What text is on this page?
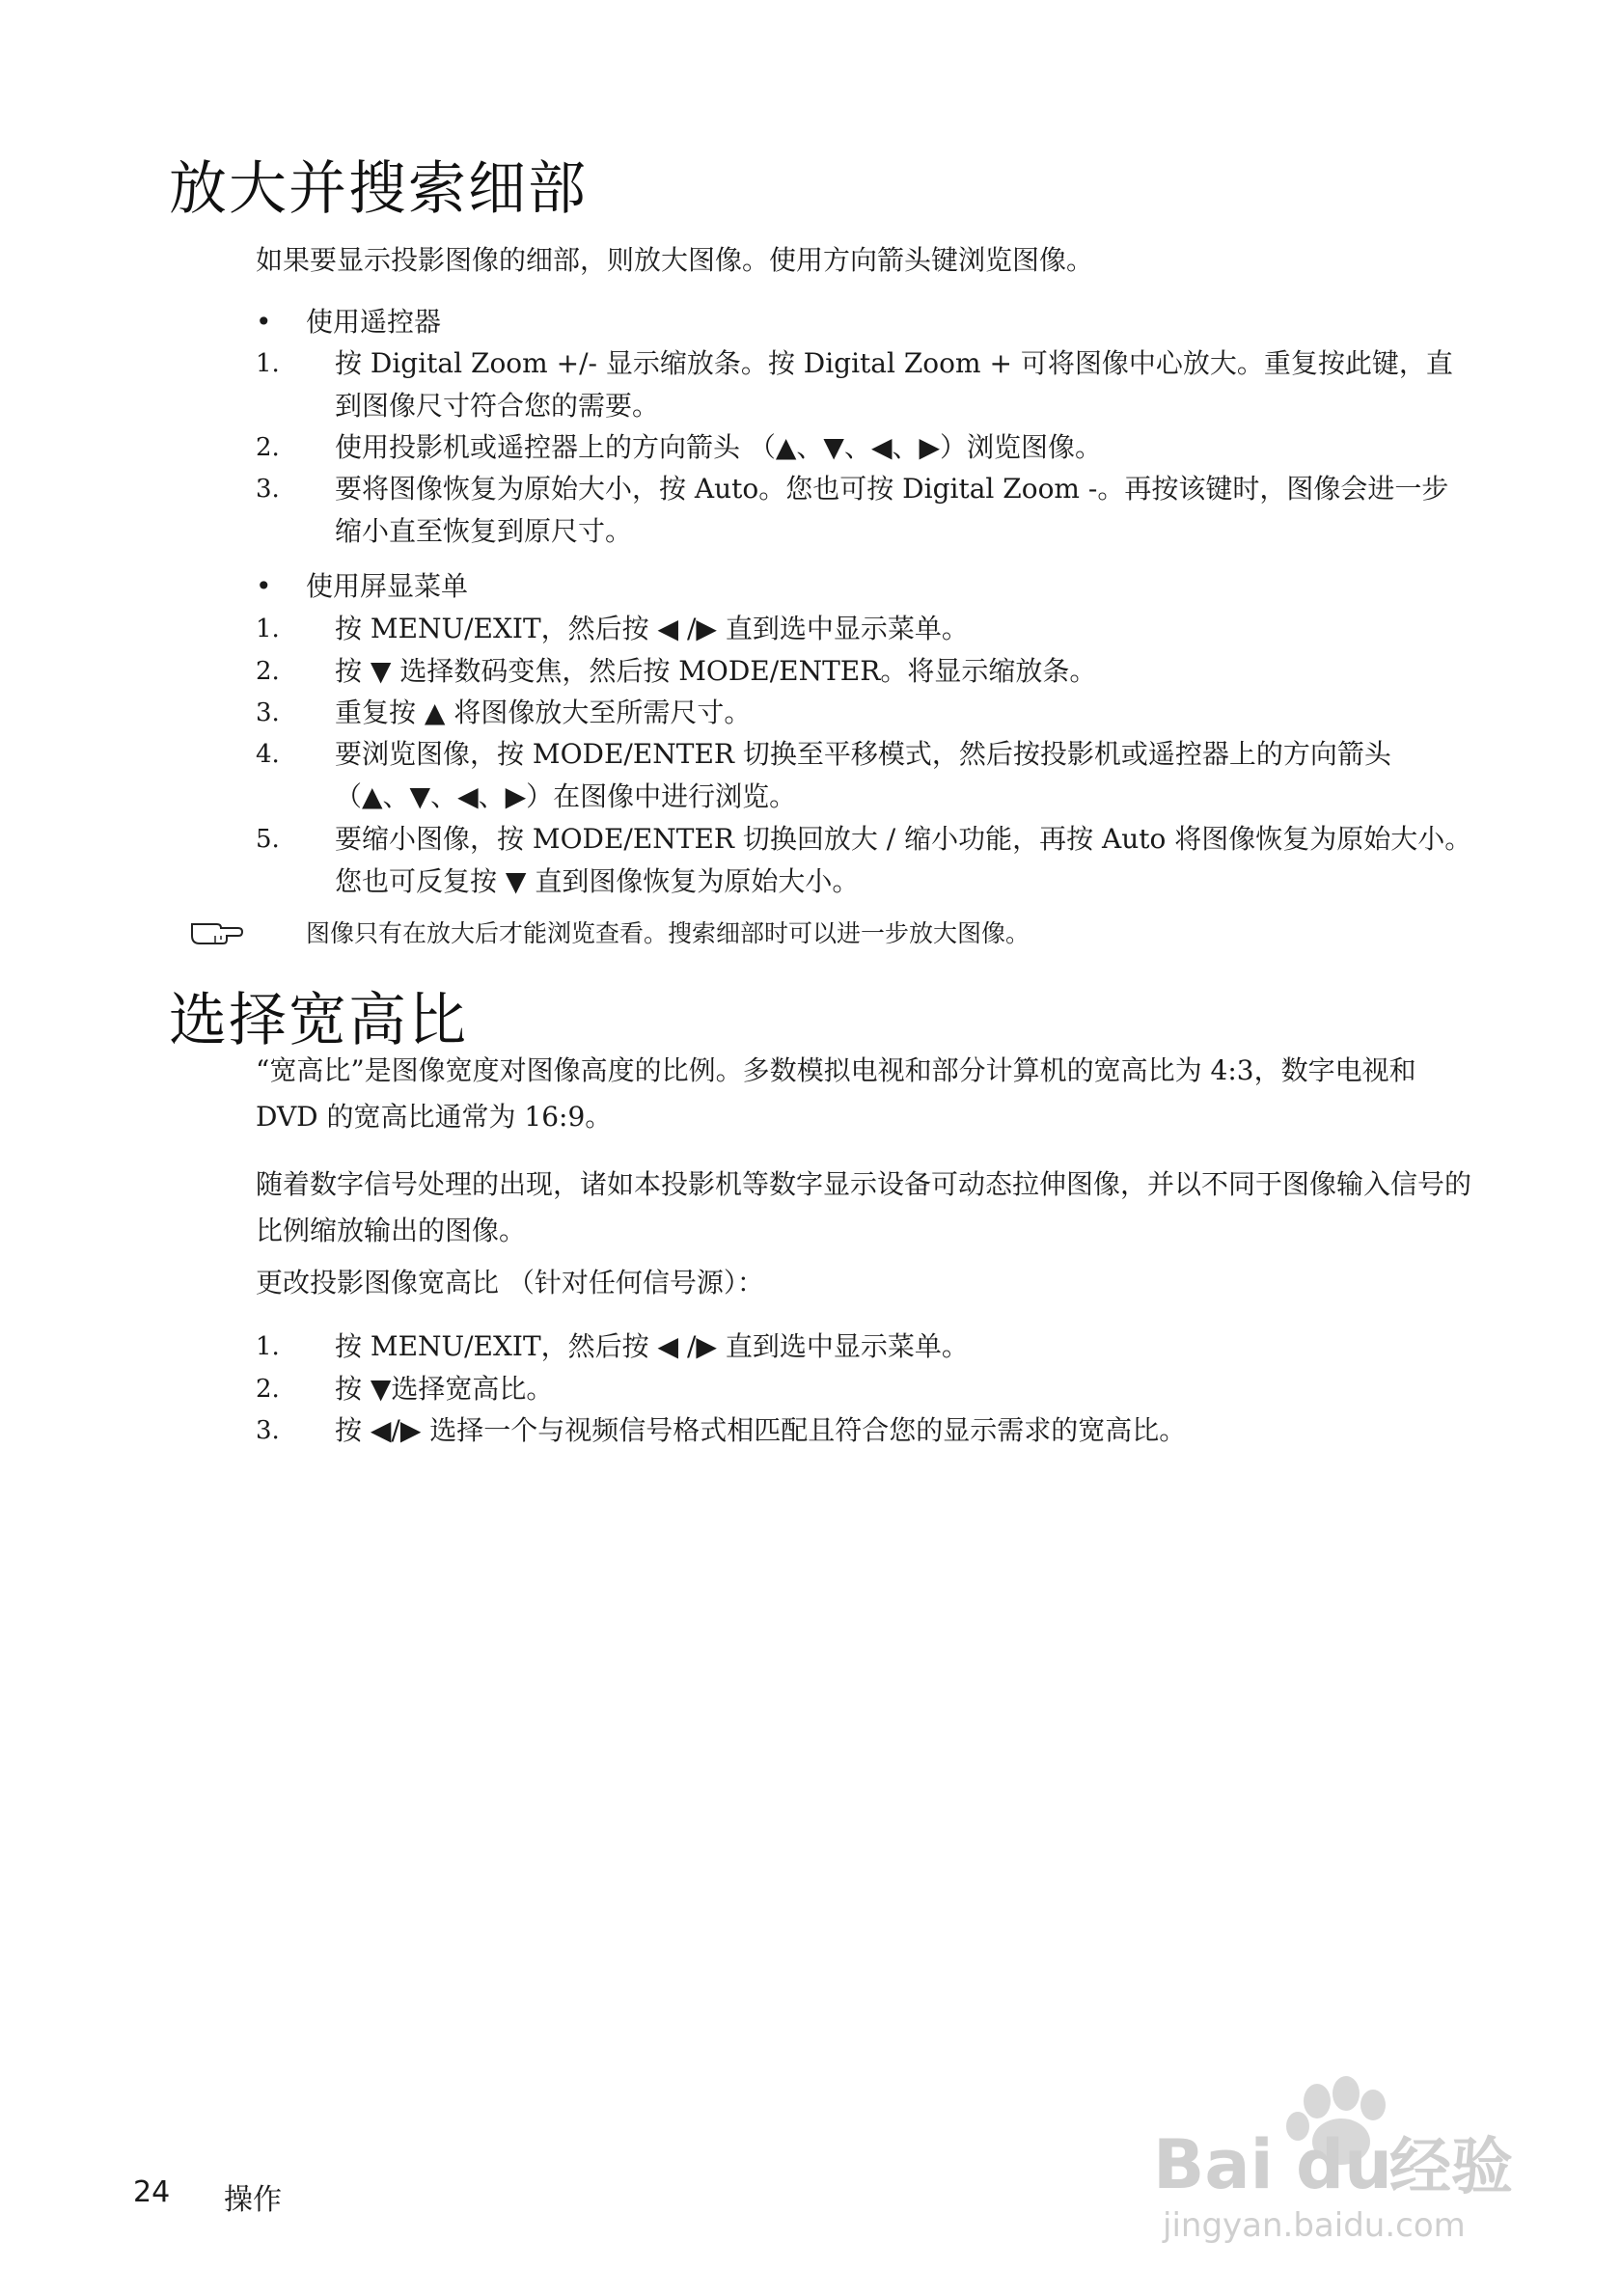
放大并搜索细部

如果要显示投影图像的细部，则放大图像。使用方向箭头键浏览图像。

• 使用遥控器
1. 按 Digital Zoom +/- 显示缩放条。按 Digital Zoom + 可将图像中心放大。重复按此键，直到图像尺寸符合您的需要。
2. 使用投影机或遥控器上的方向箭头 （▲、▼、◀、▶）浏览图像。
3. 要将图像恢复为原始大小，按 Auto。您也可按 Digital Zoom -。再按该键时，图像会进一步缩小直至恢复到原尺寸。
• 使用屏显菜单
1. 按 MENU/EXIT，然后按 ◀ /▶ 直到选中显示菜单。
2. 按 ▼ 选择数码变焦，然后按 MODE/ENTER。将显示缩放条。
3. 重复按 ▲ 将图像放大至所需尺寸。
4. 要浏览图像，按 MODE/ENTER 切换至平移模式，然后按投影机或遥控器上的方向箭头 （▲、▼、◀、▶）在图像中进行浏览。
5. 要缩小图像，按 MODE/ENTER 切换回放大 / 缩小功能，再按 Auto 将图像恢复为原始大小。您也可反复按 ▼ 直到图像恢复为原始大小。
图像只有在放大后才能浏览查看。搜索细部时可以进一步放大图像。
选择宽高比

“宽高比”是图像宽度对图像高度的比例。多数模拟电视和部分计算机的宽高比为 4:3，数字电视和 DVD 的宽高比通常为 16:9。

随着数字信号处理的出现，诸如本投影机等数字显示设备可动态拉伸图像，并以不同于图像输入信号的比例缩放输出的图像。

更改投影图像宽高比 （针对任何信号源）：

1. 按 MENU/EXIT，然后按 ◀ /▶ 直到选中显示菜单。
2. 按 ▼选择宽高比。
3. 按 ◀/▶ 选择一个与视频信号格式相匹配且符合您的显示需求的宽高比。
24 操作	Bai du
经验
jingyan.baidu.com
